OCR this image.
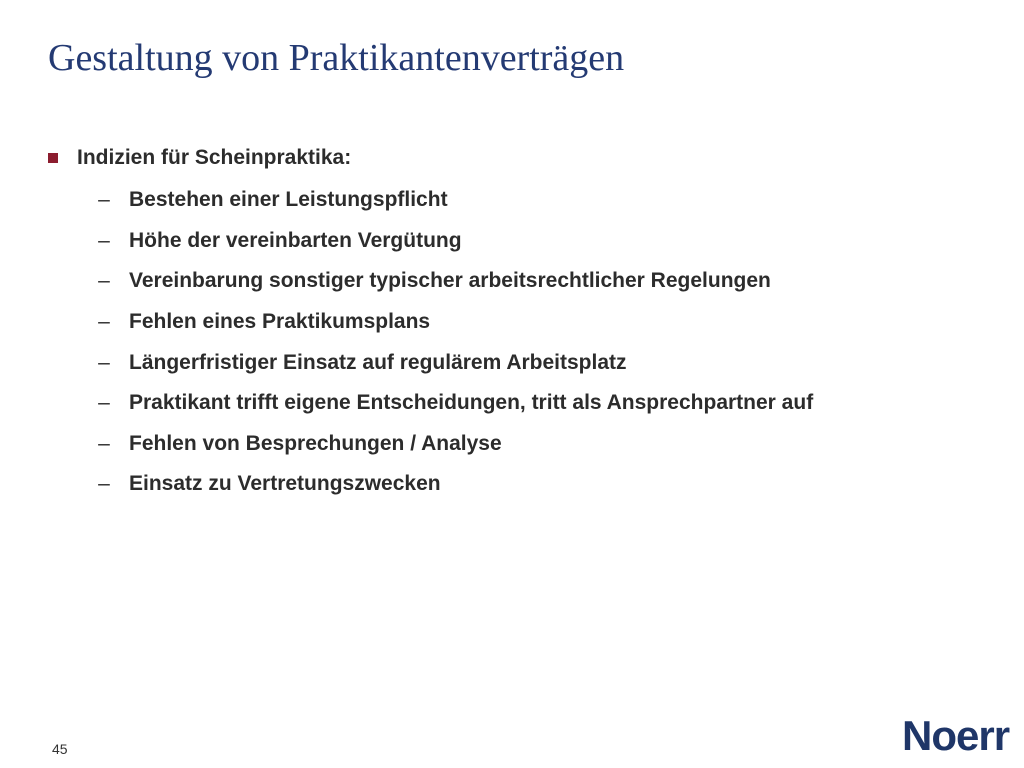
Gestaltung von Praktikantenverträgen
Indizien für Scheinpraktika:
– Bestehen einer Leistungspflicht
– Höhe der vereinbarten Vergütung
– Vereinbarung sonstiger typischer arbeitsrechtlicher Regelungen
– Fehlen eines Praktikumsplans
– Längerfristiger Einsatz auf regulärem Arbeitsplatz
– Praktikant trifft eigene Entscheidungen, tritt als Ansprechpartner auf
– Fehlen von Besprechungen / Analyse
– Einsatz zu Vertretungszwecken
45	Noerr
